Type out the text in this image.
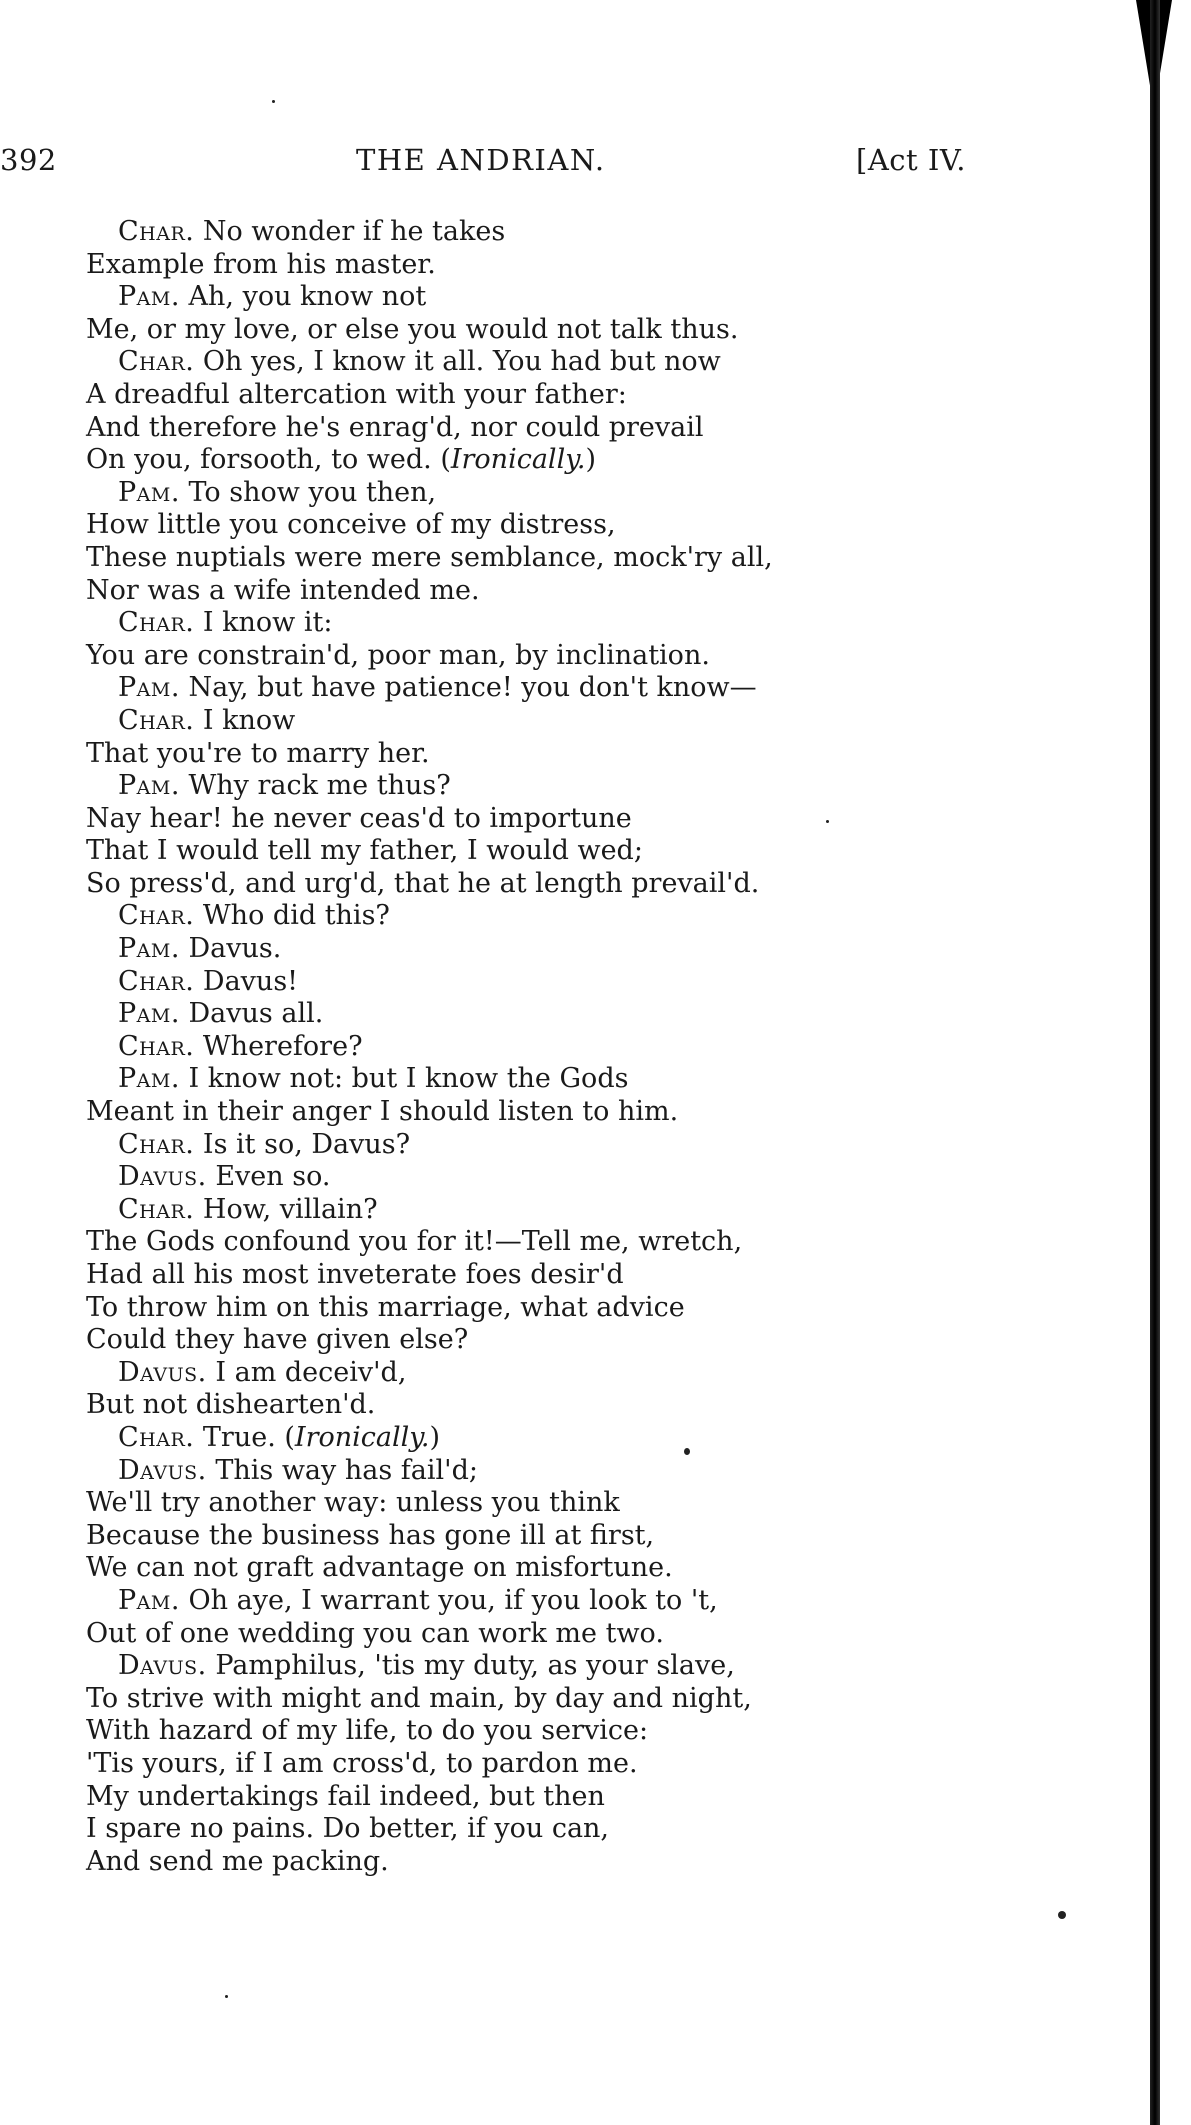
392	THE ANDRIAN.	[Act IV.
Char. No wonder if he takes
Example from his master.
Pam. Ah, you know not
Me, or my love, or else you would not talk thus.
Char. Oh yes, I know it all. You had but now
A dreadful altercation with your father:
And therefore he's enrag'd, nor could prevail
On you, forsooth, to wed. (Ironically.)
Pam. To show you then,
How little you conceive of my distress,
These nuptials were mere semblance, mock'ry all,
Nor was a wife intended me.
Char. I know it:
You are constrain'd, poor man, by inclination.
Pam. Nay, but have patience! you don't know—
Char. I know
That you're to marry her.
Pam. Why rack me thus?
Nay hear! he never ceas'd to importune
That I would tell my father, I would wed;
So press'd, and urg'd, that he at length prevail'd.
Char. Who did this?
Pam. Davus.
Char. Davus!
Pam. Davus all.
Char. Wherefore?
Pam. I know not: but I know the Gods
Meant in their anger I should listen to him.
Char. Is it so, Davus?
Davus. Even so.
Char. How, villain?
The Gods confound you for it!—Tell me, wretch,
Had all his most inveterate foes desir'd
To throw him on this marriage, what advice
Could they have given else?
Davus. I am deceiv'd,
But not dishearten'd.
Char. True. (Ironically.)
Davus. This way has fail'd;
We'll try another way: unless you think
Because the business has gone ill at first,
We can not graft advantage on misfortune.
Pam. Oh aye, I warrant you, if you look to 't,
Out of one wedding you can work me two.
Davus. Pamphilus, 'tis my duty, as your slave,
To strive with might and main, by day and night,
With hazard of my life, to do you service:
'Tis yours, if I am cross'd, to pardon me.
My undertakings fail indeed, but then
I spare no pains. Do better, if you can,
And send me packing.
